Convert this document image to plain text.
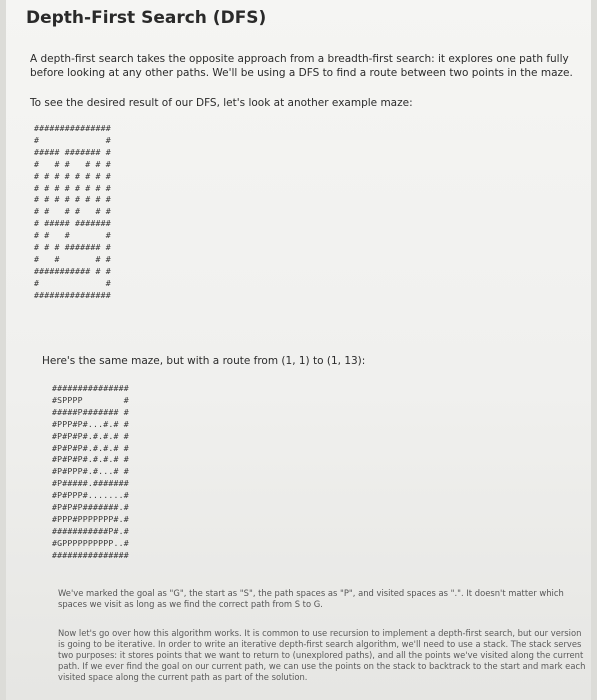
Depth-First Search (DFS)
A depth-first search takes the opposite approach from a breadth-first search: it explores one path fully before looking at any other paths. We'll be using a DFS to find a route between two points in the maze.
To see the desired result of our DFS, let's look at another example maze:
###############
#             #
##### ####### #
#   # #   # # #
# # # # # # # #
# # # # # # # #
# # # # # # # #
# #   # #   # #
# ##### #######
# #   #       #
# # # ####### #
#   #       # #
########### # #
#             #
###############
Here's the same maze, but with a route from (1, 1) to (1, 13):
###############
#SPPPP        #
#####P####### #
#PPP#P#...#.# #
#P#P#P#.#.#.# #
#P#P#P#.#.#.# #
#P#P#P#.#.#.# #
#P#PPP#.#...# #
#P#####.#######
#P#PPP#.......#
#P#P#P#######.#
#PPP#PPPPPPP#.#
###########P#.#
#GPPPPPPPPPP..#
###############
We've marked the goal as "G", the start as "S", the path spaces as "P", and visited spaces as ".". It doesn't matter which spaces we visit as long as we find the correct path from S to G.
Now let's go over how this algorithm works. It is common to use recursion to implement a depth-first search, but our version is going to be iterative. In order to write an iterative depth-first search algorithm, we'll need to use a stack. The stack serves two purposes: it stores points that we want to return to (unexplored paths), and all the points we've visited along the current path. If we ever find the goal on our current path, we can use the points on the stack to backtrack to the start and mark each visited space along the current path as part of the solution.
